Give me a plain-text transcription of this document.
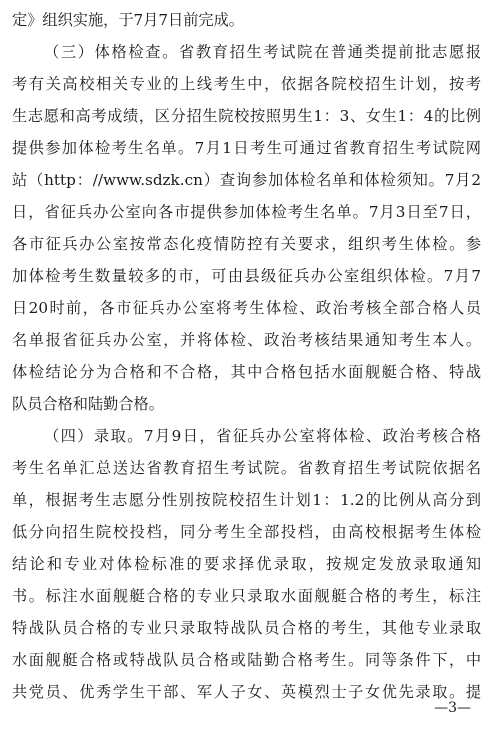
定》组织实施，于7月7日前完成。
（三）体格检查。省教育招生考试院在普通类提前批志愿报
考有关高校相关专业的上线考生中，依据各院校招生计划，按考
生志愿和高考成绩，区分招生院校按照男生1：3、女生1：4的比例
提供参加体检考生名单。7月1日考生可通过省教育招生考试院网
站（http：//www.sdzk.cn）查询参加体检名单和体检须知。7月2
日，省征兵办公室向各市提供参加体检考生名单。7月3日至7日，
各市征兵办公室按常态化疫情防控有关要求，组织考生体检。参
加体检考生数量较多的市，可由县级征兵办公室组织体检。7月7
日20时前，各市征兵办公室将考生体检、政治考核全部合格人员
名单报省征兵办公室，并将体检、政治考核结果通知考生本人。
体检结论分为合格和不合格，其中合格包括水面舰艇合格、特战
队员合格和陆勤合格。
（四）录取。7月9日，省征兵办公室将体检、政治考核合格
考生名单汇总送达省教育招生考试院。省教育招生考试院依据名
单，根据考生志愿分性别按院校招生计划1：1.2的比例从高分到
低分向招生院校投档，同分考生全部投档，由高校根据考生体检
结论和专业对体检标准的要求择优录取，按规定发放录取通知
书。标注水面舰艇合格的专业只录取水面舰艇合格的考生，标注
特战队员合格的专业只录取特战队员合格的考生，其他专业录取
水面舰艇合格或特战队员合格或陆勤合格考生。同等条件下，中
共党员、优秀学生干部、军人子女、英模烈士子女优先录取。提
—3—
